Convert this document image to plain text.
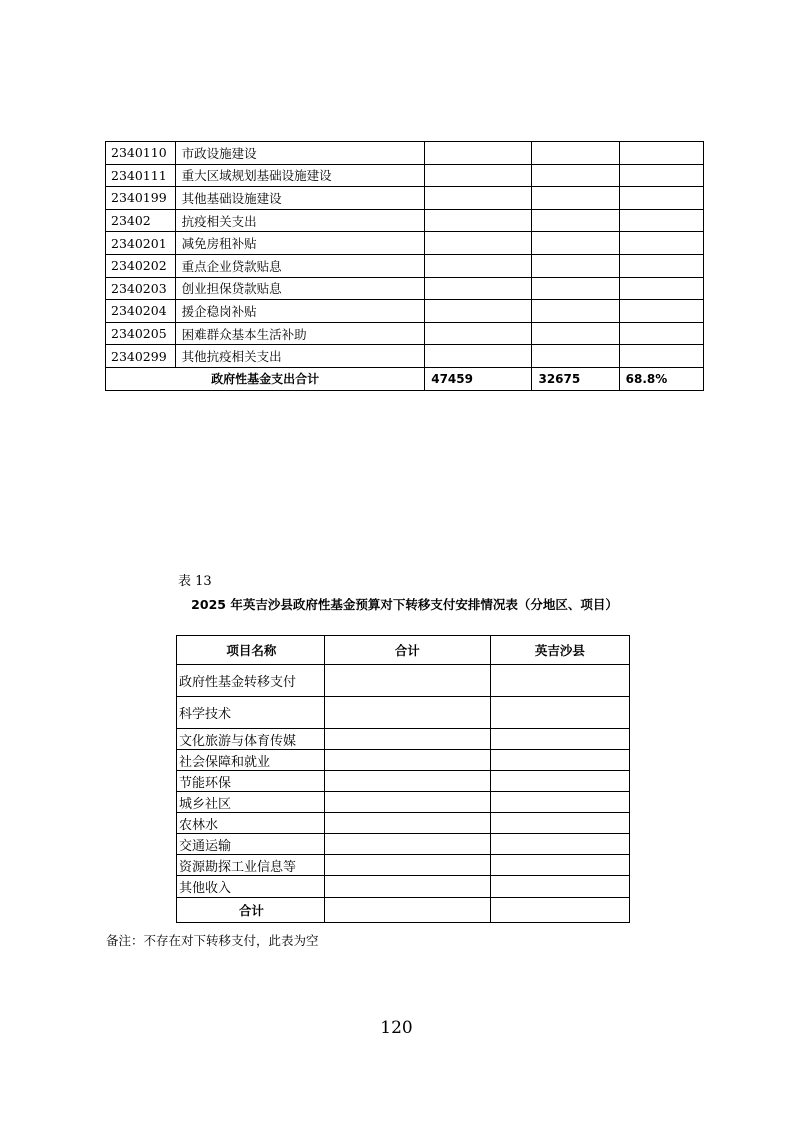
2340110	市政设施建设			
2340111	重大区域规划基础设施建设			
2340199	其他基础设施建设			
23402	抗疫相关支出			
2340201	减免房租补贴			
2340202	重点企业贷款贴息			
2340203	创业担保贷款贴息			
2340204	援企稳岗补贴			
2340205	困难群众基本生活补助			
2340299	其他抗疫相关支出			
政府性基金支出合计		47459	32675	68.8%
表 13
2025 年英吉沙县政府性基金预算对下转移支付安排情况表（分地区、项目）
项目名称	合计	英吉沙县
政府性基金转移支付		
科学技术		
文化旅游与体育传媒		
社会保障和就业		
节能环保		
城乡社区		
农林水		
交通运输		
资源勘探工业信息等		
其他收入		
合计		
备注：不存在对下转移支付，此表为空
120
